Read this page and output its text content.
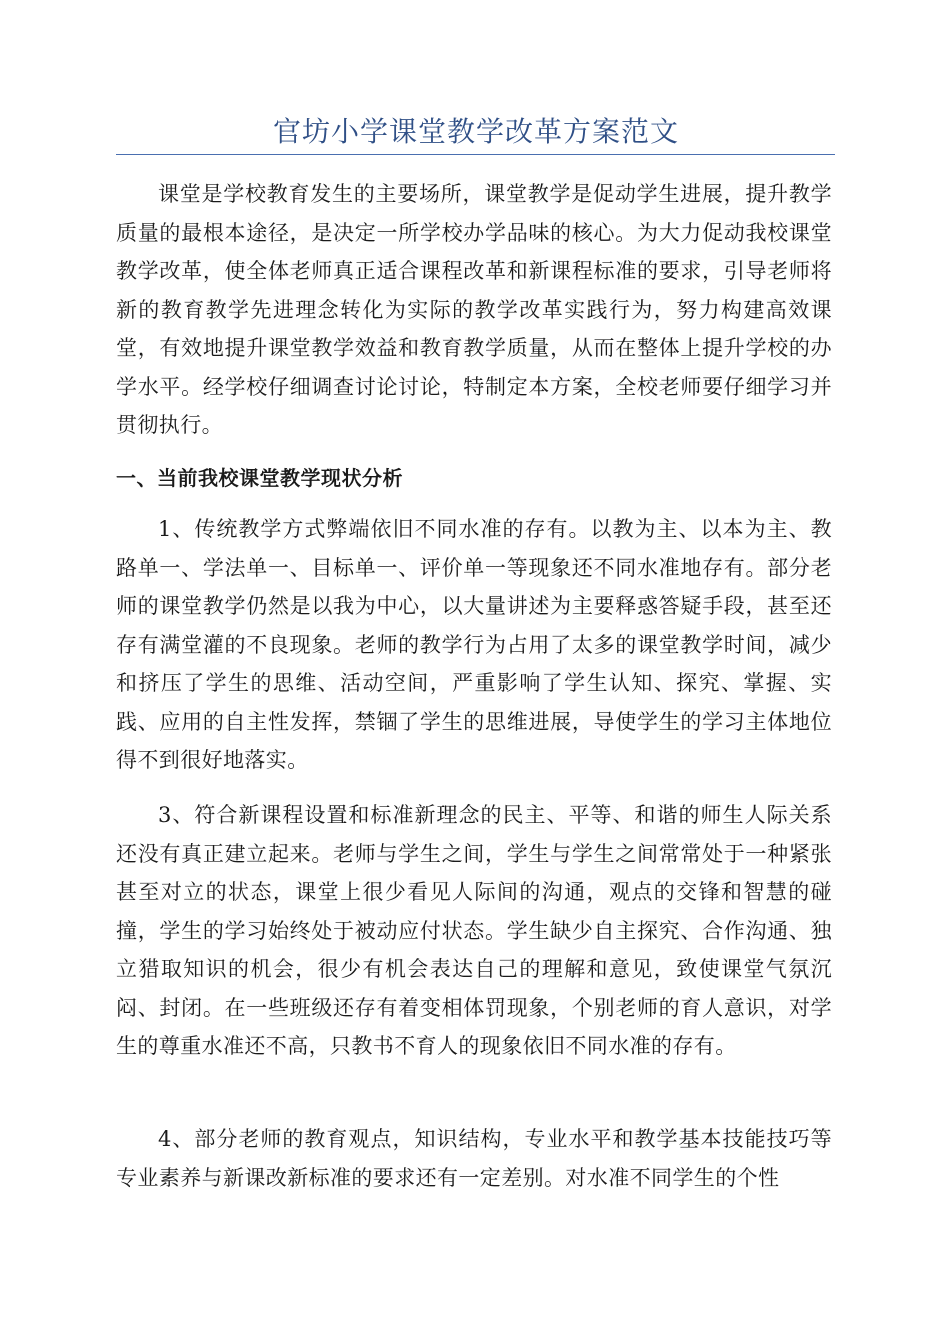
官坊小学课堂教学改革方案范文

课堂是学校教育发生的主要场所，课堂教学是促动学生进展，提升教学质量的最根本途径，是决定一所学校办学品味的核心。为大力促动我校课堂教学改革，使全体老师真正适合课程改革和新课程标准的要求，引导老师将新的教育教学先进理念转化为实际的教学改革实践行为，努力构建高效课堂，有效地提升课堂教学效益和教育教学质量，从而在整体上提升学校的办学水平。经学校仔细调查讨论讨论，特制定本方案，全校老师要仔细学习并贯彻执行。

一、当前我校课堂教学现状分析

1、传统教学方式弊端依旧不同水准的存有。以教为主、以本为主、教路单一、学法单一、目标单一、评价单一等现象还不同水准地存有。部分老师的课堂教学仍然是以我为中心，以大量讲述为主要释惑答疑手段，甚至还存有满堂灌的不良现象。老师的教学行为占用了太多的课堂教学时间，减少和挤压了学生的思维、活动空间，严重影响了学生认知、探究、掌握、实践、应用的自主性发挥，禁锢了学生的思维进展，导使学生的学习主体地位得不到很好地落实。

3、符合新课程设置和标准新理念的民主、平等、和谐的师生人际关系还没有真正建立起来。老师与学生之间，学生与学生之间常常处于一种紧张甚至对立的状态，课堂上很少看见人际间的沟通，观点的交锋和智慧的碰撞，学生的学习始终处于被动应付状态。学生缺少自主探究、合作沟通、独立猎取知识的机会，很少有机会表达自己的理解和意见，致使课堂气氛沉闷、封闭。在一些班级还存有着变相体罚现象，个别老师的育人意识，对学生的尊重水准还不高，只教书不育人的现象依旧不同水准的存有。

4、部分老师的教育观点，知识结构，专业水平和教学基本技能技巧等专业素养与新课改新标准的要求还有一定差别。对水准不同学生的个性
